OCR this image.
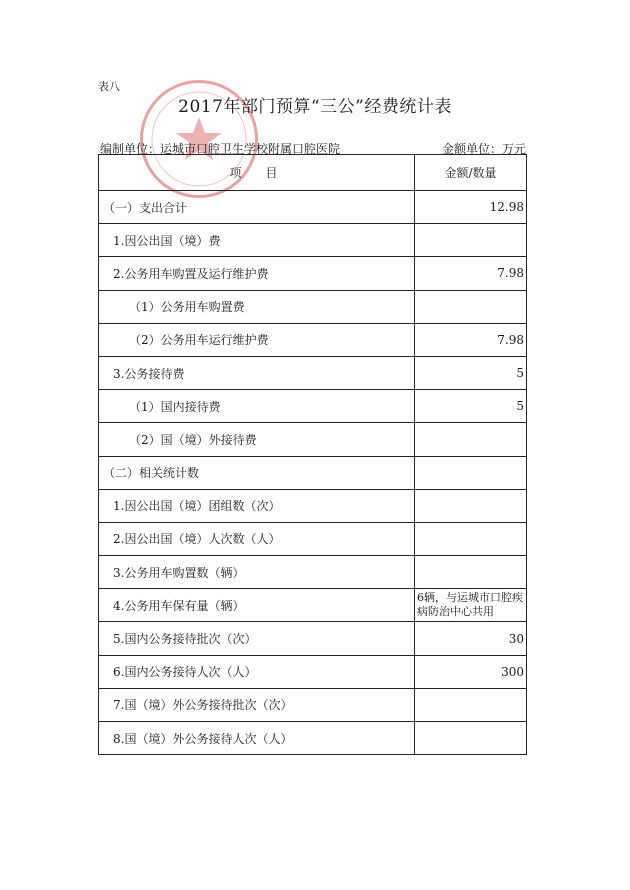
表八
2017年部门预算“三公”经费统计表
编制单位：运城市口腔卫生学校附属口腔医院	金额单位：万元
项　目	金额/数量
（一）支出合计	12.98
1.因公出国（境）费	
2.公务用车购置及运行维护费	7.98
（1）公务用车购置费	
（2）公务用车运行维护费	7.98
3.公务接待费	5
（1）国内接待费	5
（2）国（境）外接待费	
（二）相关统计数	
1.因公出国（境）团组数（次）	
2.因公出国（境）人次数（人）	
3.公务用车购置数（辆）	
4.公务用车保有量（辆）	6辆，与运城市口腔疾病防治中心共用
5.国内公务接待批次（次）	30
6.国内公务接待人次（人）	300
7.国（境）外公务接待批次（次）	
8.国（境）外公务接待人次（人）	
